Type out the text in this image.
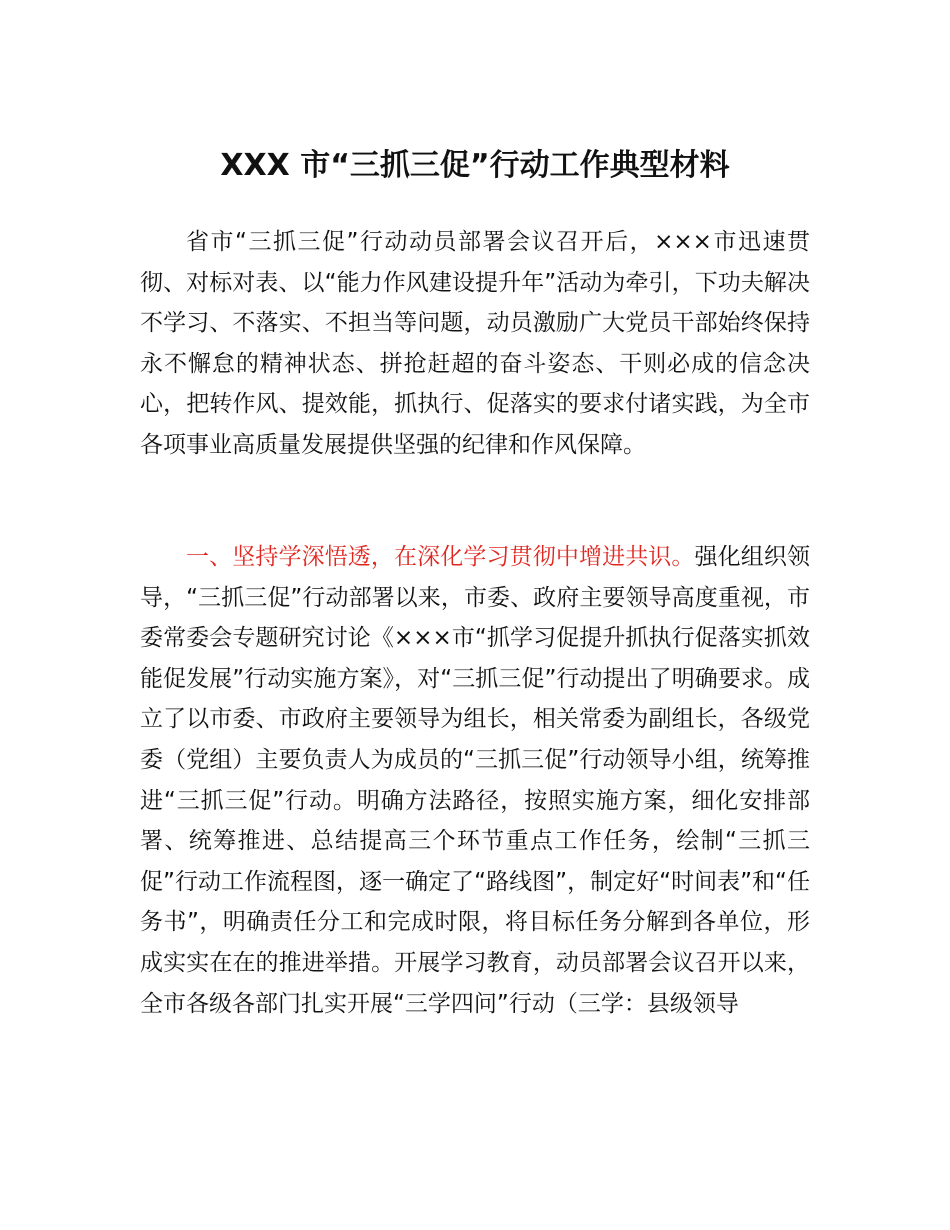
XXX 市“三抓三促”行动工作典型材料

省市“三抓三促”行动动员部署会议召开后，×××市迅速贯彻、对标对表、以“能力作风建设提升年”活动为牵引，下功夫解决不学习、不落实、不担当等问题，动员激励广大党员干部始终保持永不懈怠的精神状态、拼抢赶超的奋斗姿态、干则必成的信念决心，把转作风、提效能，抓执行、促落实的要求付诸实践，为全市各项事业高质量发展提供坚强的纪律和作风保障。

一、坚持学深悟透，在深化学习贯彻中增进共识。强化组织领导，“三抓三促”行动部署以来，市委、政府主要领导高度重视，市委常委会专题研究讨论《×××市“抓学习促提升抓执行促落实抓效能促发展”行动实施方案》，对“三抓三促”行动提出了明确要求。成立了以市委、市政府主要领导为组长，相关常委为副组长，各级党委（党组）主要负责人为成员的“三抓三促”行动领导小组，统筹推进“三抓三促”行动。明确方法路径，按照实施方案，细化安排部署、统筹推进、总结提高三个环节重点工作任务，绘制“三抓三促”行动工作流程图，逐一确定了“路线图”，制定好“时间表”和“任务书”，明确责任分工和完成时限，将目标任务分解到各单位，形成实实在在的推进举措。开展学习教育，动员部署会议召开以来，全市各级各部门扎实开展“三学四问”行动（三学：县级领导
